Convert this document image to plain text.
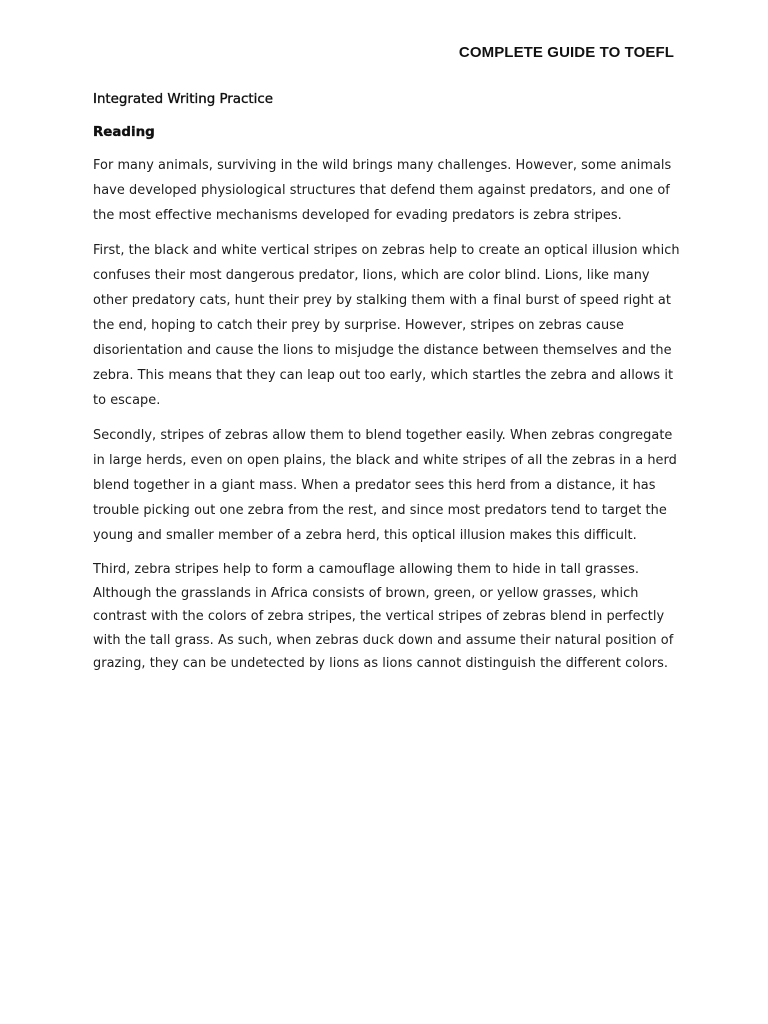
COMPLETE GUIDE TO TOEFL
Integrated Writing Practice
Reading

For many animals, surviving in the wild brings many challenges. However, some animals have developed physiological structures that defend them against predators, and one of the most effective mechanisms developed for evading predators is zebra stripes.

First, the black and white vertical stripes on zebras help to create an optical illusion which confuses their most dangerous predator, lions, which are color blind. Lions, like many other predatory cats, hunt their prey by stalking them with a final burst of speed right at the end, hoping to catch their prey by surprise. However, stripes on zebras cause disorientation and cause the lions to misjudge the distance between themselves and the zebra. This means that they can leap out too early, which startles the zebra and allows it to escape.

Secondly, stripes of zebras allow them to blend together easily. When zebras congregate in large herds, even on open plains, the black and white stripes of all the zebras in a herd blend together in a giant mass. When a predator sees this herd from a distance, it has trouble picking out one zebra from the rest, and since most predators tend to target the young and smaller member of a zebra herd, this optical illusion makes this difficult.

Third, zebra stripes help to form a camouflage allowing them to hide in tall grasses. Although the grasslands in Africa consists of brown, green, or yellow grasses, which contrast with the colors of zebra stripes, the vertical stripes of zebras blend in perfectly with the tall grass. As such, when zebras duck down and assume their natural position of grazing, they can be undetected by lions as lions cannot distinguish the different colors.
